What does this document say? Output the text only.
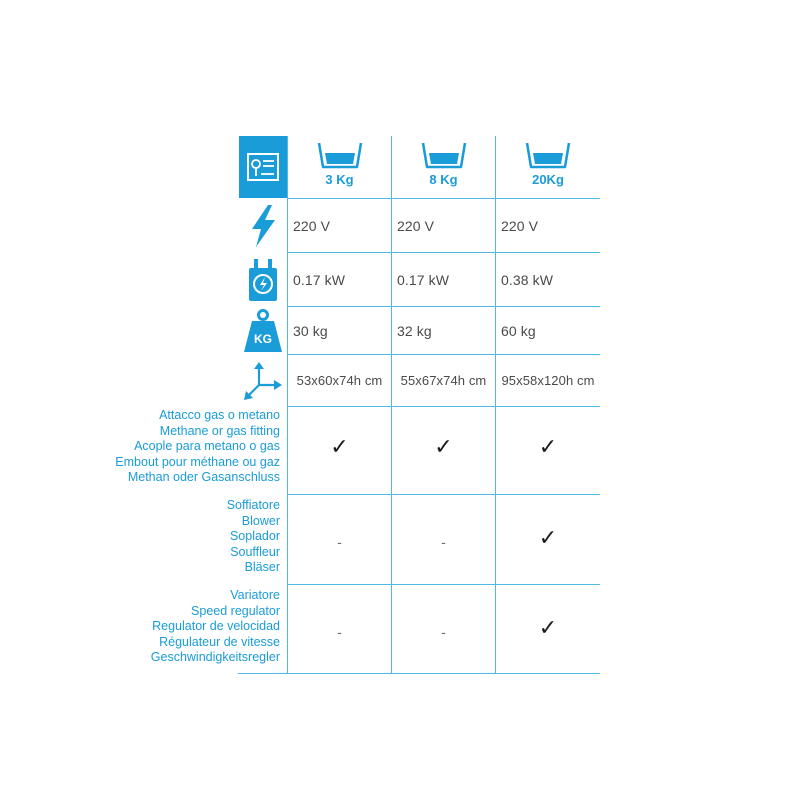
3 Kg	8 Kg	20Kg
220 V	220 V	220 V
0.17 kW	0.17 kW	0.38 kW
KG 30 kg	32 kg	60 kg
53x60x74h cm	55x67x74h cm	95x58x120h cm
Attacco gas o metano
Methane or gas fitting
Acople para metano o gas
Embout pour méthane ou gaz
Methan oder Gasanschluss
✓	✓	✓
Soffiatore
Blower
Soplador
Souffleur
Bläser
-	-	✓
Variatore
Speed regulator
Regulator de velocidad
Régulateur de vitesse
Geschwindigkeitsregler
-	-	✓
